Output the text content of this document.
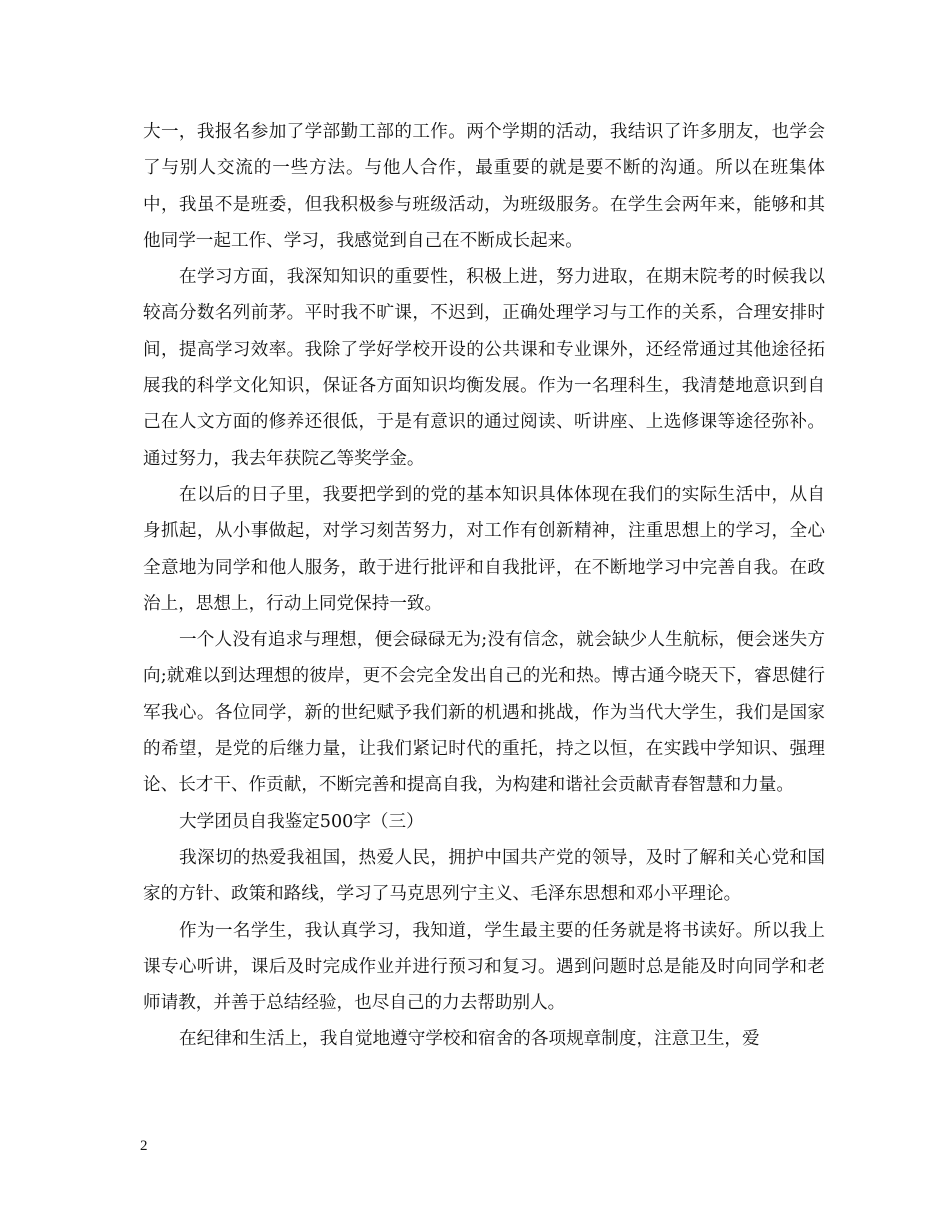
大一，我报名参加了学部勤工部的工作。两个学期的活动，我结识了许多朋友，也学会了与别人交流的一些方法。与他人合作，最重要的就是要不断的沟通。所以在班集体中，我虽不是班委，但我积极参与班级活动，为班级服务。在学生会两年来，能够和其他同学一起工作、学习，我感觉到自己在不断成长起来。

在学习方面，我深知知识的重要性，积极上进，努力进取，在期末院考的时候我以较高分数名列前茅。平时我不旷课，不迟到，正确处理学习与工作的关系，合理安排时间，提高学习效率。我除了学好学校开设的公共课和专业课外，还经常通过其他途径拓展我的科学文化知识，保证各方面知识均衡发展。作为一名理科生，我清楚地意识到自己在人文方面的修养还很低，于是有意识的通过阅读、听讲座、上选修课等途径弥补。通过努力，我去年获院乙等奖学金。

在以后的日子里，我要把学到的党的基本知识具体体现在我们的实际生活中，从自身抓起，从小事做起，对学习刻苦努力，对工作有创新精神，注重思想上的学习，全心全意地为同学和他人服务，敢于进行批评和自我批评，在不断地学习中完善自我。在政治上，思想上，行动上同党保持一致。

一个人没有追求与理想，便会碌碌无为;没有信念，就会缺少人生航标，便会迷失方向;就难以到达理想的彼岸，更不会完全发出自己的光和热。博古通今晓天下，睿思健行军我心。各位同学，新的世纪赋予我们新的机遇和挑战，作为当代大学生，我们是国家的希望，是党的后继力量，让我们紧记时代的重托，持之以恒，在实践中学知识、强理论、长才干、作贡献，不断完善和提高自我，为构建和谐社会贡献青春智慧和力量。

大学团员自我鉴定500字（三）

我深切的热爱我祖国，热爱人民，拥护中国共产党的领导，及时了解和关心党和国家的方针、政策和路线，学习了马克思列宁主义、毛泽东思想和邓小平理论。

作为一名学生，我认真学习，我知道，学生最主要的任务就是将书读好。所以我上课专心听讲，课后及时完成作业并进行预习和复习。遇到问题时总是能及时向同学和老师请教，并善于总结经验，也尽自己的力去帮助别人。

在纪律和生活上，我自觉地遵守学校和宿舍的各项规章制度，注意卫生，爱

2
